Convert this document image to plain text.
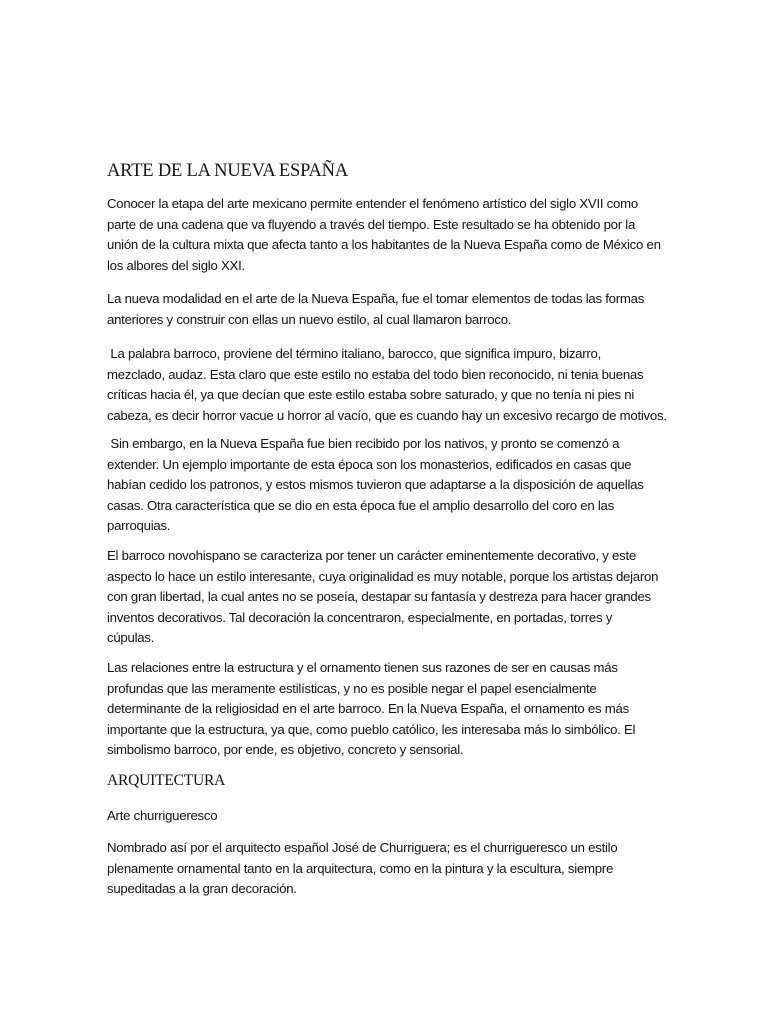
ARTE DE LA NUEVA ESPAÑA

Conocer la etapa del arte mexicano permite entender el fenómeno artístico del siglo XVII como
parte de una cadena que va fluyendo a través del tiempo. Este resultado se ha obtenido por la
unión de la cultura mixta que afecta tanto a los habitantes de la Nueva España como de México en
los albores del siglo XXI.

La nueva modalidad en el arte de la Nueva España, fue el tomar elementos de todas las formas
anteriores y construir con ellas un nuevo estilo, al cual llamaron barroco.

La palabra barroco, proviene del término italiano, barocco, que significa impuro, bizarro,
mezclado, audaz. Esta claro que este estilo no estaba del todo bien reconocido, ni tenia buenas
críticas hacia él, ya que decían que este estilo estaba sobre saturado, y que no tenía ni pies ni
cabeza, es decir horror vacue u horror al vacío, que es cuando hay un excesivo recargo de motivos.

Sin embargo, en la Nueva España fue bien recibido por los nativos, y pronto se comenzó a
extender. Un ejemplo importante de esta época son los monasterios, edificados en casas que
habían cedido los patronos, y estos mismos tuvieron que adaptarse a la disposición de aquellas
casas. Otra característica que se dio en esta época fue el amplio desarrollo del coro en las
parroquias.

El barroco novohispano se caracteriza por tener un carácter eminentemente decorativo, y este
aspecto lo hace un estilo interesante, cuya originalidad es muy notable, porque los artistas dejaron
con gran libertad, la cual antes no se poseía, destapar su fantasía y destreza para hacer grandes
inventos decorativos. Tal decoración la concentraron, especialmente, en portadas, torres y
cúpulas.

Las relaciones entre la estructura y el ornamento tienen sus razones de ser en causas más
profundas que las meramente estilísticas, y no es posible negar el papel esencialmente
determinante de la religiosidad en el arte barroco. En la Nueva España, el ornamento es más
importante que la estructura, ya que, como pueblo católico, les interesaba más lo simbólico. El
simbolismo barroco, por ende, es objetivo, concreto y sensorial.

ARQUITECTURA

Arte churrigueresco

Nombrado así por el arquitecto español José de Churriguera; es el churrigueresco un estilo
plenamente ornamental tanto en la arquitectura, como en la pintura y la escultura, siempre
supeditadas a la gran decoración.
